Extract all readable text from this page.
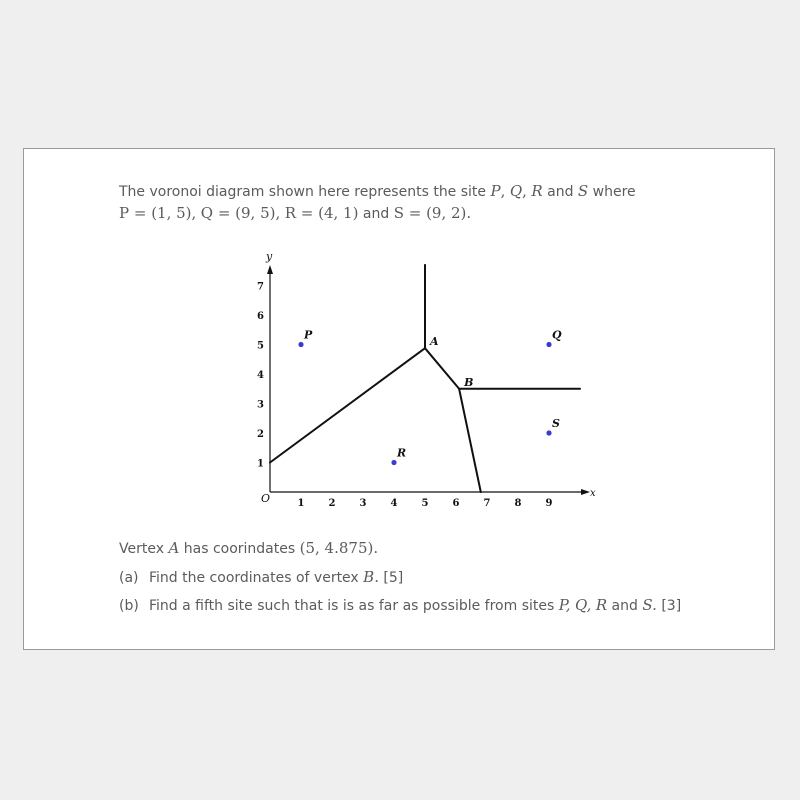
The voronoi diagram shown here represents the site P, Q, R and S where
P = (1, 5), Q = (9, 5), R = (4, 1) and S = (9, 2).
x
y
O	1 2 3 4 5 6 7 8 9
1
2
3
4
5
6
7
P	Q
R
S
A
B
Vertex A has coorindates (5, 4.875).
(a) Find the coordinates of vertex B. [5]
(b) Find a fifth site such that is is as far as possible from sites P, Q, R and S. [3]
